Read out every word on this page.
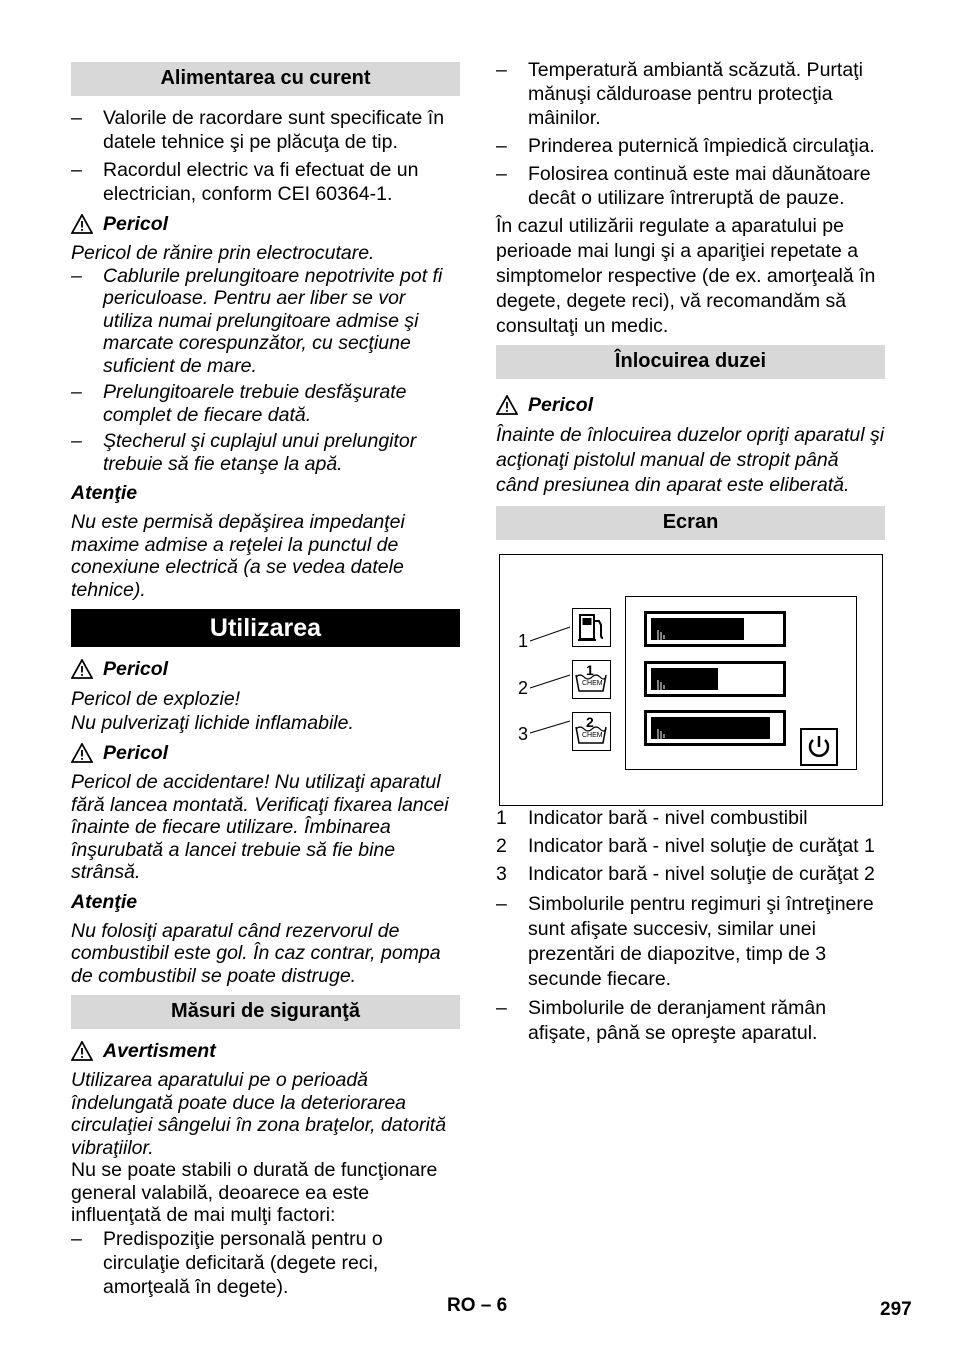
Alimentarea cu curent
– Valorile de racordare sunt specificate în datele tehnice şi pe plăcuţa de tip.
– Racordul electric va fi efectuat de un electrician, conform CEI 60364-1.
Pericol
Pericol de rănire prin electrocutare.
– Cablurile prelungitoare nepotrivite pot fi periculoase. Pentru aer liber se vor utiliza numai prelungitoare admise şi marcate corespunzător, cu secţiune suficient de mare.
– Prelungitoarele trebuie desfăşurate complet de fiecare dată.
– Ştecherul şi cuplajul unui prelungitor trebuie să fie etanşe la apă.
Atenţie
Nu este permisă depăşirea impedanţei maxime admise a reţelei la punctul de conexiune electrică (a se vedea datele tehnice).
Utilizarea
Pericol
Pericol de explozie!
Nu pulverizaţi lichide inflamabile.
Pericol
Pericol de accidentare! Nu utilizaţi aparatul fără lancea montată. Verificaţi fixarea lancei înainte de fiecare utilizare. Îmbinarea înşurubată a lancei trebuie să fie bine strânsă.
Atenţie
Nu folosiţi aparatul când rezervorul de combustibil este gol. În caz contrar, pompa de combustibil se poate distruge.
Măsuri de siguranţă
Avertisment
Utilizarea aparatului pe o perioadă îndelungată poate duce la deteriorarea circulaţiei sângelui în zona braţelor, datorită vibraţiilor.
Nu se poate stabili o durată de funcţionare general valabilă, deoarece ea este influenţată de mai mulţi factori:
– Predispoziţie personală pentru o circulaţie deficitară (degete reci, amorţeală în degete).
– Temperatură ambiantă scăzută. Purtaţi mănuşi călduroase pentru protecţia mâinilor.
– Prinderea puternică împiedică circulaţia.
– Folosirea continuă este mai dăunătoare decât o utilizare întreruptă de pauze.
În cazul utilizării regulate a aparatului pe perioade mai lungi şi a apariţiei repetate a simptomelor respective (de ex. amorţeală în degete, degete reci), vă recomandăm să consultaţi un medic.
Înlocuirea duzei
Pericol
Înainte de înlocuirea duzelor opriţi aparatul şi acţionaţi pistolul manual de stropit până când presiunea din aparat este eliberată.
Ecran
1
2
3
1
CHEM
2
CHEM
1 Indicator bară - nivel combustibil
2 Indicator bară - nivel soluţie de curăţat 1
3 Indicator bară - nivel soluţie de curăţat 2
– Simbolurile pentru regimuri şi întreţinere sunt afişate succesiv, similar unei prezentări de diapozitve, timp de 3 secunde fiecare.
– Simbolurile de deranjament rămân afişate, până se opreşte aparatul.
RO – 6	297
